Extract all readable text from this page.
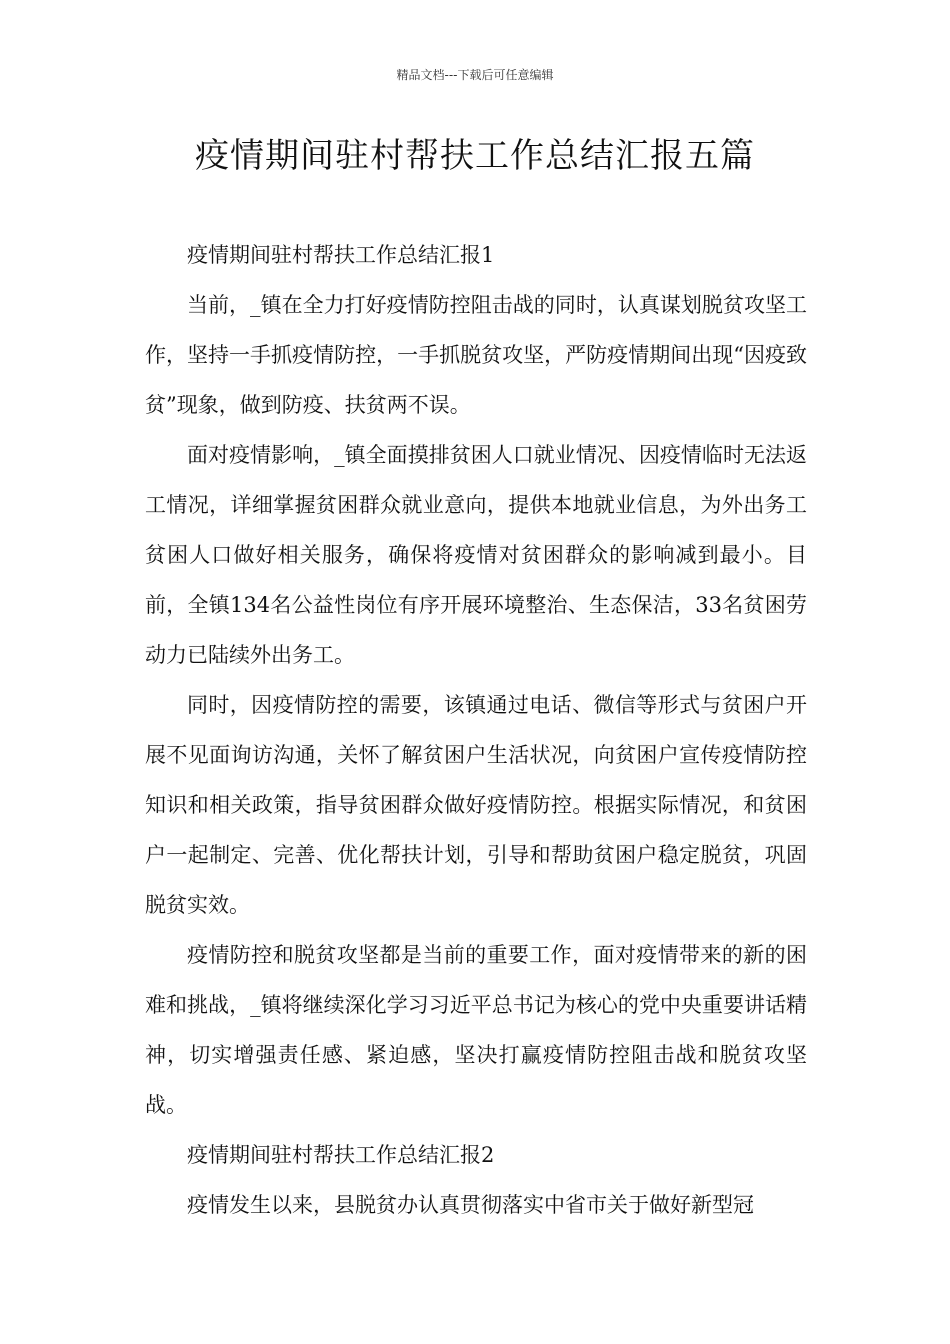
精品文档---下载后可任意编辑
疫情期间驻村帮扶工作总结汇报五篇

疫情期间驻村帮扶工作总结汇报1

当前，_镇在全力打好疫情防控阻击战的同时，认真谋划脱贫攻坚工作，坚持一手抓疫情防控，一手抓脱贫攻坚，严防疫情期间出现“因疫致贫”现象，做到防疫、扶贫两不误。

面对疫情影响，_镇全面摸排贫困人口就业情况、因疫情临时无法返工情况，详细掌握贫困群众就业意向，提供本地就业信息，为外出务工贫困人口做好相关服务，确保将疫情对贫困群众的影响减到最小。目前，全镇134名公益性岗位有序开展环境整治、生态保洁，33名贫困劳动力已陆续外出务工。

同时，因疫情防控的需要，该镇通过电话、微信等形式与贫困户开展不见面询访沟通，关怀了解贫困户生活状况，向贫困户宣传疫情防控知识和相关政策，指导贫困群众做好疫情防控。根据实际情况，和贫困户一起制定、完善、优化帮扶计划，引导和帮助贫困户稳定脱贫，巩固脱贫实效。

疫情防控和脱贫攻坚都是当前的重要工作，面对疫情带来的新的困难和挑战，_镇将继续深化学习习近平总书记为核心的党中央重要讲话精神，切实增强责任感、紧迫感，坚决打赢疫情防控阻击战和脱贫攻坚战。

疫情期间驻村帮扶工作总结汇报2

疫情发生以来，县脱贫办认真贯彻落实中省市关于做好新型冠
